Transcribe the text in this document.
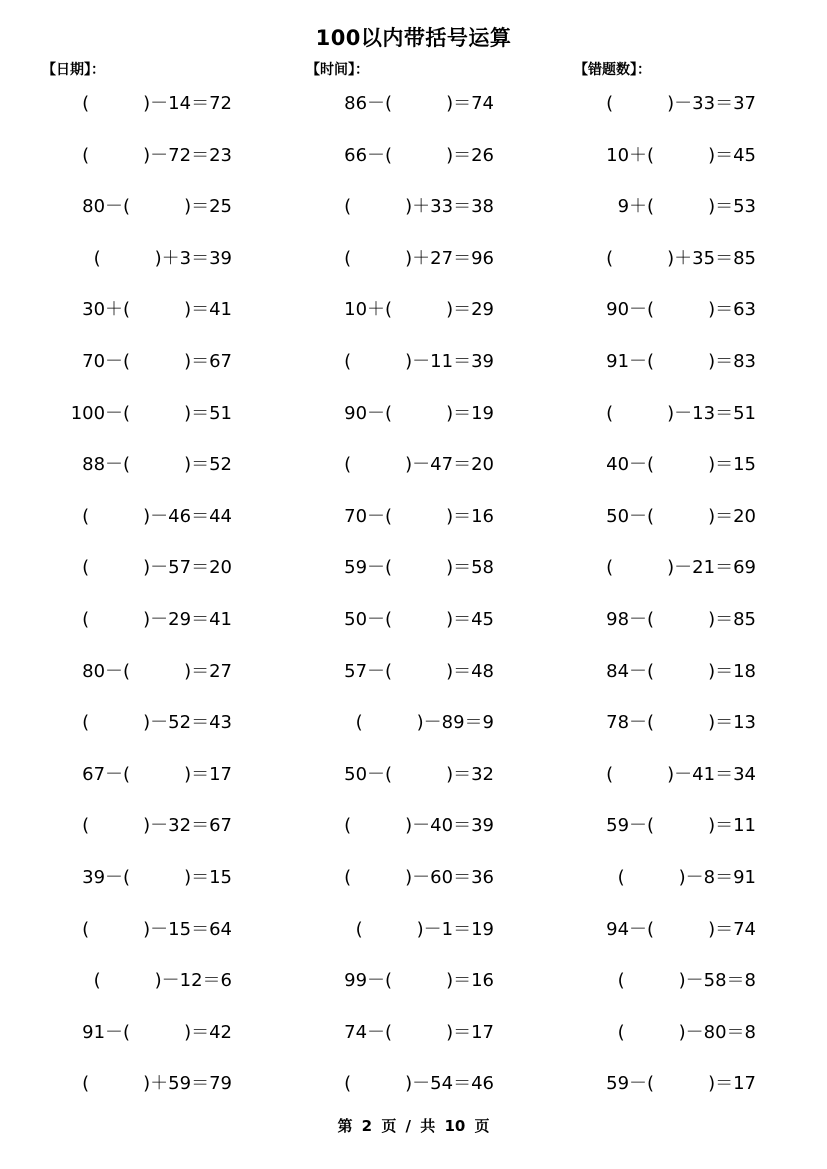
100以内带括号运算
【日期】：	【时间】：	【错题数】：
(　　　)－14＝72	86－(　　　)＝74	(　　　)－33＝37
(　　　)－72＝23	66－(　　　)＝26	10＋(　　　)＝45
80－(　　　)＝25	(　　　)＋33＝38	9＋(　　　)＝53
(　　　)＋3＝39	(　　　)＋27＝96	(　　　)＋35＝85
30＋(　　　)＝41	10＋(　　　)＝29	90－(　　　)＝63
70－(　　　)＝67	(　　　)－11＝39	91－(　　　)＝83
100－(　　　)＝51	90－(　　　)＝19	(　　　)－13＝51
88－(　　　)＝52	(　　　)－47＝20	40－(　　　)＝15
(　　　)－46＝44	70－(　　　)＝16	50－(　　　)＝20
(　　　)－57＝20	59－(　　　)＝58	(　　　)－21＝69
(　　　)－29＝41	50－(　　　)＝45	98－(　　　)＝85
80－(　　　)＝27	57－(　　　)＝48	84－(　　　)＝18
(　　　)－52＝43	(　　　)－89＝9	78－(　　　)＝13
67－(　　　)＝17	50－(　　　)＝32	(　　　)－41＝34
(　　　)－32＝67	(　　　)－40＝39	59－(　　　)＝11
39－(　　　)＝15	(　　　)－60＝36	(　　　)－8＝91
(　　　)－15＝64	(　　　)－1＝19	94－(　　　)＝74
(　　　)－12＝6	99－(　　　)＝16	(　　　)－58＝8
91－(　　　)＝42	74－(　　　)＝17	(　　　)－80＝8
(　　　)＋59＝79	(　　　)－54＝46	59－(　　　)＝17
第 2 页 / 共 10 页
